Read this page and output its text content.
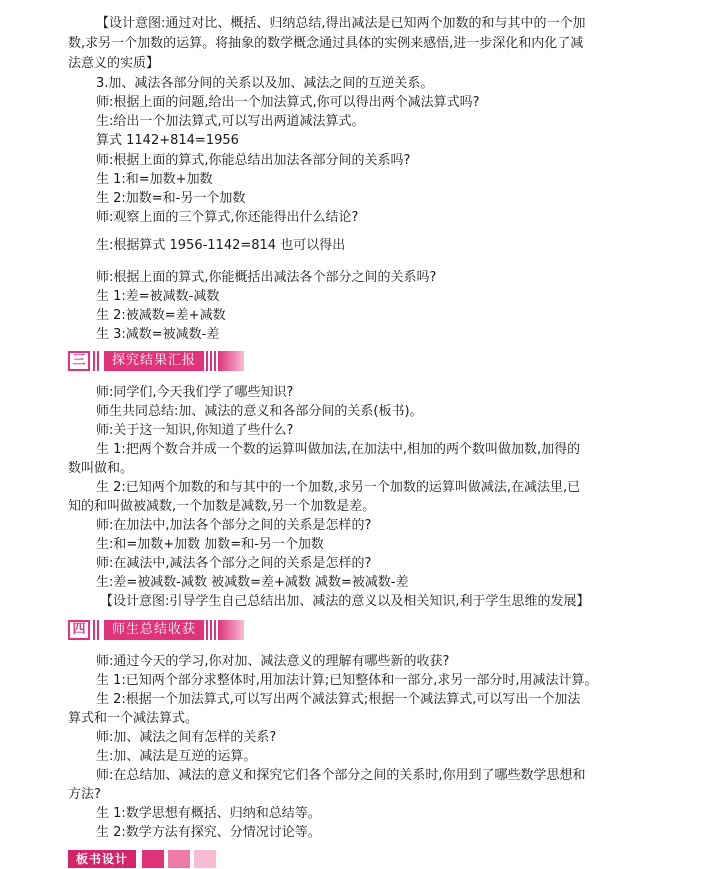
【设计意图:通过对比、概括、归纳总结,得出减法是已知两个加数的和与其中的一个加
数,求另一个加数的运算。将抽象的数学概念通过具体的实例来感悟,进一步深化和内化了减
法意义的实质】
3.加、减法各部分间的关系以及加、减法之间的互逆关系。
师:根据上面的问题,给出一个加法算式,你可以得出两个减法算式吗?
生:给出一个加法算式,可以写出两道减法算式。
算式 1142+814=1956
师:根据上面的算式,你能总结出加法各部分间的关系吗?
生 1:和=加数+加数
生 2:加数=和-另一个加数
师:观察上面的三个算式,你还能得出什么结论?
生:根据算式 1956-1142=814 也可以得出
师:根据上面的算式,你能概括出减法各个部分之间的关系吗?
生 1:差=被减数-减数
生 2:被减数=差+减数
生 3:减数=被减数-差
三	探究结果汇报
师:同学们,今天我们学了哪些知识?
师生共同总结:加、减法的意义和各部分间的关系(板书)。
师:关于这一知识,你知道了些什么?
生 1:把两个数合并成一个数的运算叫做加法,在加法中,相加的两个数叫做加数,加得的
数叫做和。
生 2:已知两个加数的和与其中的一个加数,求另一个加数的运算叫做减法,在减法里,已
知的和叫做被减数,一个加数是减数,另一个加数是差。
师:在加法中,加法各个部分之间的关系是怎样的?
生:和=加数+加数 加数=和-另一个加数
师:在减法中,减法各个部分之间的关系是怎样的?
生:差=被减数-减数 被减数=差+减数 减数=被减数-差
【设计意图:引导学生自己总结出加、减法的意义以及相关知识,利于学生思维的发展】
四	师生总结收获
师:通过今天的学习,你对加、减法意义的理解有哪些新的收获?
生 1:已知两个部分求整体时,用加法计算;已知整体和一部分,求另一部分时,用减法计算。
生 2:根据一个加法算式,可以写出两个减法算式;根据一个减法算式,可以写出一个加法
算式和一个减法算式。
师:加、减法之间有怎样的关系?
生:加、减法是互逆的运算。
师:在总结加、减法的意义和探究它们各个部分之间的关系时,你用到了哪些数学思想和
方法?
生 1:数学思想有概括、归纳和总结等。
生 2:数学方法有探究、分情况讨论等。
板书设计
